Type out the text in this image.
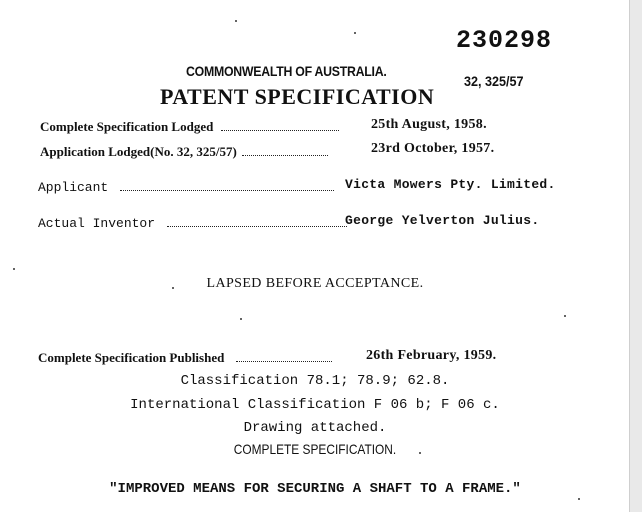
230298
COMMONWEALTH OF AUSTRALIA.
32, 325/57
PATENT SPECIFICATION
Complete Specification Lodged	25th August, 1958.
Application Lodged(No. 32, 325/57)	23rd October, 1957.
Applicant	Victa Mowers Pty. Limited.
Actual Inventor	George Yelverton Julius.
LAPSED BEFORE ACCEPTANCE.
Complete Specification Published	26th February, 1959.
Classification 78.1; 78.9; 62.8.
International Classification F 06 b; F 06 c.
Drawing attached.
COMPLETE SPECIFICATION.
"IMPROVED MEANS FOR SECURING A SHAFT TO A FRAME."
